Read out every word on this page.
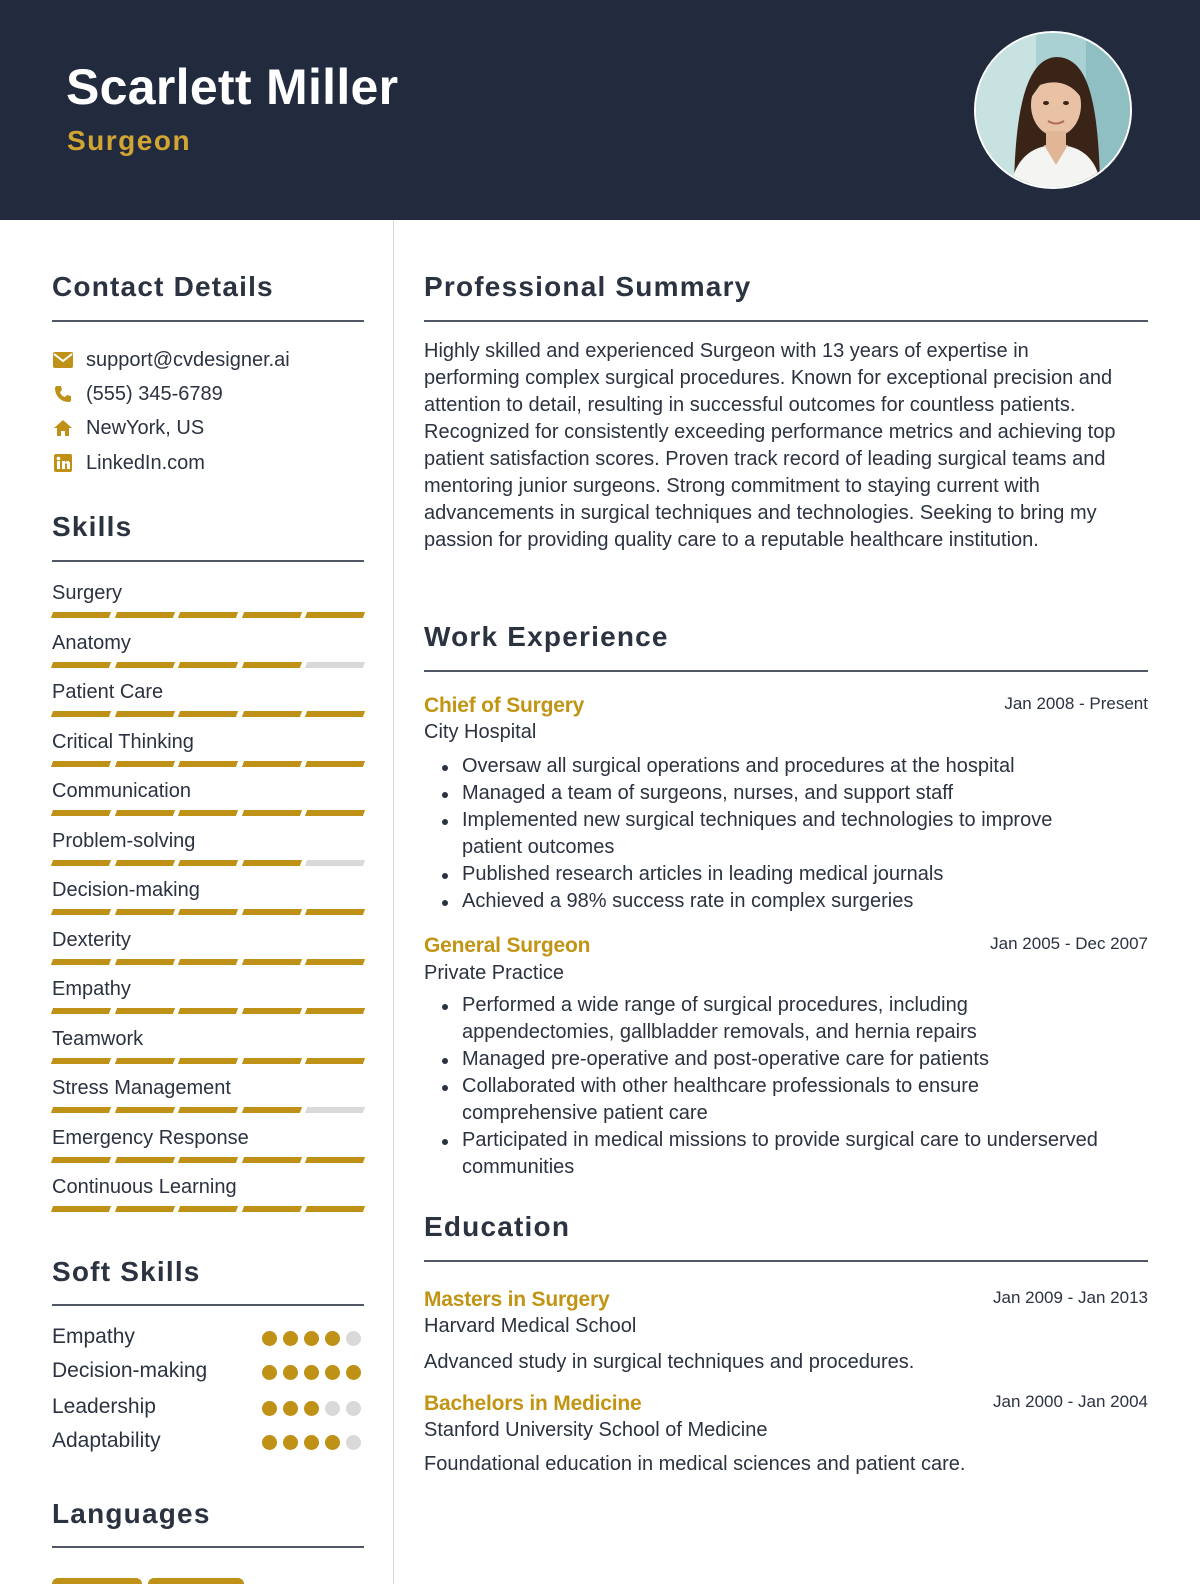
Scarlett Miller
Surgeon
Contact Details
support@cvdesigner.ai
(555) 345-6789
NewYork, US
LinkedIn.com
Skills
Surgery
Anatomy
Patient Care
Critical Thinking
Communication
Problem-solving
Decision-making
Dexterity
Empathy
Teamwork
Stress Management
Emergency Response
Continuous Learning
Soft Skills
Empathy
Decision-making
Leadership
Adaptability
Languages
Professional Summary
Highly skilled and experienced Surgeon with 13 years of expertise in
performing complex surgical procedures. Known for exceptional precision and
attention to detail, resulting in successful outcomes for countless patients.
Recognized for consistently exceeding performance metrics and achieving top
patient satisfaction scores. Proven track record of leading surgical teams and
mentoring junior surgeons. Strong commitment to staying current with
advancements in surgical techniques and technologies. Seeking to bring my
passion for providing quality care to a reputable healthcare institution.
Work Experience
Chief of Surgery	Jan 2008 - Present
City Hospital
Oversaw all surgical operations and procedures at the hospital
Managed a team of surgeons, nurses, and support staff
Implemented new surgical techniques and technologies to improve patient outcomes
Published research articles in leading medical journals
Achieved a 98% success rate in complex surgeries
General Surgeon	Jan 2005 - Dec 2007
Private Practice
Performed a wide range of surgical procedures, including appendectomies, gallbladder removals, and hernia repairs
Managed pre-operative and post-operative care for patients
Collaborated with other healthcare professionals to ensure comprehensive patient care
Participated in medical missions to provide surgical care to underserved communities
Education
Masters in Surgery	Jan 2009 - Jan 2013
Harvard Medical School
Advanced study in surgical techniques and procedures.
Bachelors in Medicine	Jan 2000 - Jan 2004
Stanford University School of Medicine
Foundational education in medical sciences and patient care.
